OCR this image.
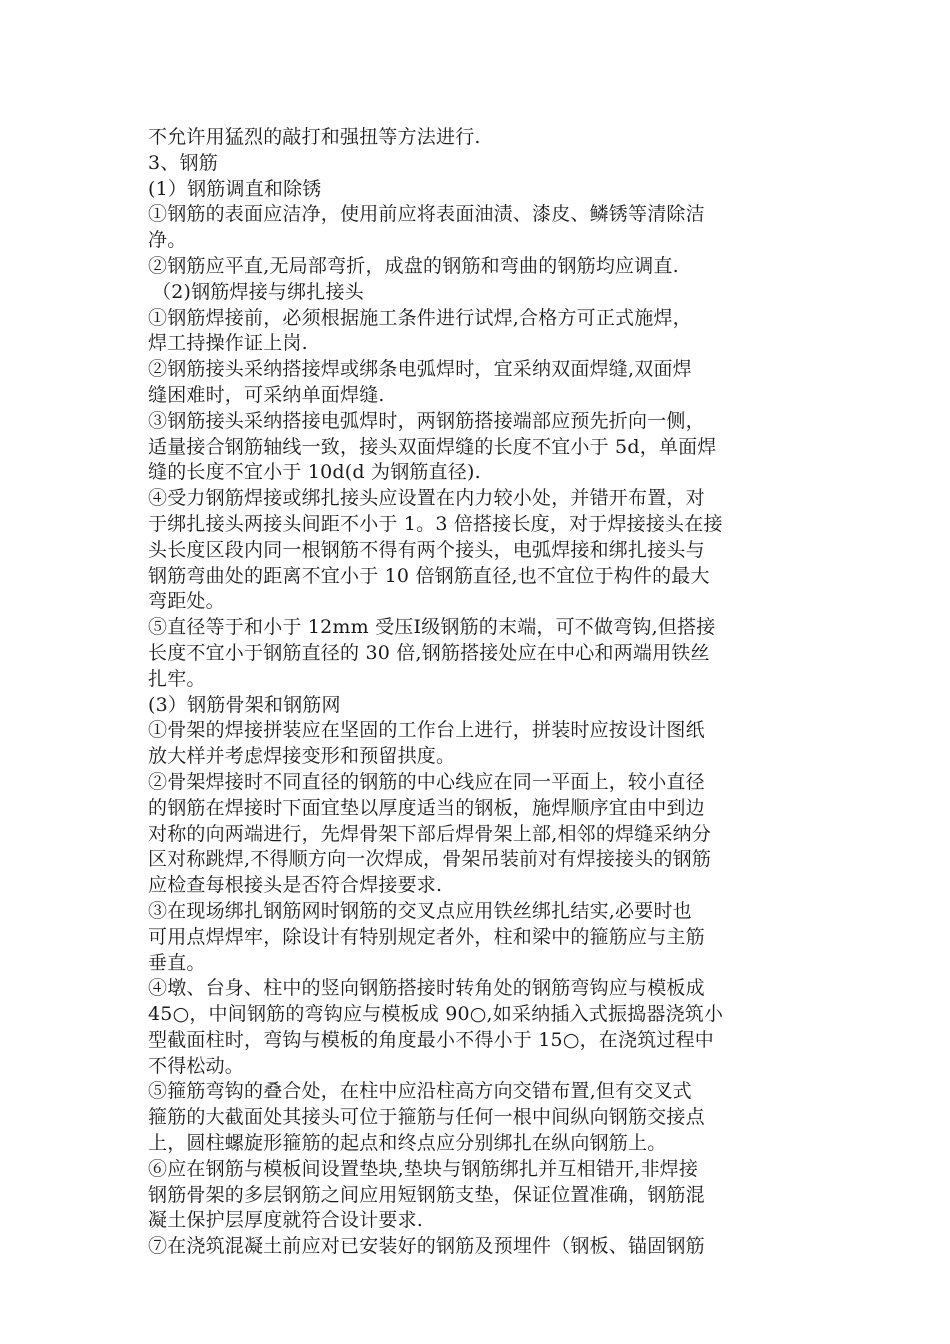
不允许用猛烈的敲打和强扭等方法进行.
3、钢筋
(1）钢筋调直和除锈
①钢筋的表面应洁净，使用前应将表面油渍、漆皮、鳞锈等清除洁
净。
②钢筋应平直,无局部弯折，成盘的钢筋和弯曲的钢筋均应调直.
（2)钢筋焊接与绑扎接头
①钢筋焊接前，必须根据施工条件进行试焊,合格方可正式施焊，
焊工持操作证上岗.
②钢筋接头采纳搭接焊或绑条电弧焊时，宜采纳双面焊缝,双面焊
缝困难时，可采纳单面焊缝.
③钢筋接头采纳搭接电弧焊时，两钢筋搭接端部应预先折向一侧，
适量接合钢筋轴线一致，接头双面焊缝的长度不宜小于 5d，单面焊
缝的长度不宜小于 10d(d 为钢筋直径).
④受力钢筋焊接或绑扎接头应设置在内力较小处，并错开布置，对
于绑扎接头两接头间距不小于 1。3 倍搭接长度，对于焊接接头在接
头长度区段内同一根钢筋不得有两个接头，电弧焊接和绑扎接头与
钢筋弯曲处的距离不宜小于 10 倍钢筋直径,也不宜位于构件的最大
弯距处。
⑤直径等于和小于 12mm 受压Ⅰ级钢筋的末端，可不做弯钩,但搭接
长度不宜小于钢筋直径的 30 倍,钢筋搭接处应在中心和两端用铁丝
扎牢。
(3）钢筋骨架和钢筋网
①骨架的焊接拼装应在坚固的工作台上进行，拼装时应按设计图纸
放大样并考虑焊接变形和预留拱度。
②骨架焊接时不同直径的钢筋的中心线应在同一平面上，较小直径
的钢筋在焊接时下面宜垫以厚度适当的钢板，施焊顺序宜由中到边
对称的向两端进行，先焊骨架下部后焊骨架上部,相邻的焊缝采纳分
区对称跳焊,不得顺方向一次焊成，骨架吊装前对有焊接接头的钢筋
应检查每根接头是否符合焊接要求.
③在现场绑扎钢筋网时钢筋的交叉点应用铁丝绑扎结实,必要时也
可用点焊焊牢，除设计有特别规定者外，柱和梁中的箍筋应与主筋
垂直。
④墩、台身、柱中的竖向钢筋搭接时转角处的钢筋弯钩应与模板成
45○，中间钢筋的弯钩应与模板成 90○,如采纳插入式振捣器浇筑小
型截面柱时，弯钩与模板的角度最小不得小于 15○，在浇筑过程中
不得松动。
⑤箍筋弯钩的叠合处，在柱中应沿柱高方向交错布置,但有交叉式
箍筋的大截面处其接头可位于箍筋与任何一根中间纵向钢筋交接点
上，圆柱螺旋形箍筋的起点和终点应分别绑扎在纵向钢筋上。
⑥应在钢筋与模板间设置垫块,垫块与钢筋绑扎并互相错开,非焊接
钢筋骨架的多层钢筋之间应用短钢筋支垫，保证位置准确，钢筋混
凝土保护层厚度就符合设计要求.
⑦在浇筑混凝土前应对已安装好的钢筋及预埋件（钢板、锚固钢筋
